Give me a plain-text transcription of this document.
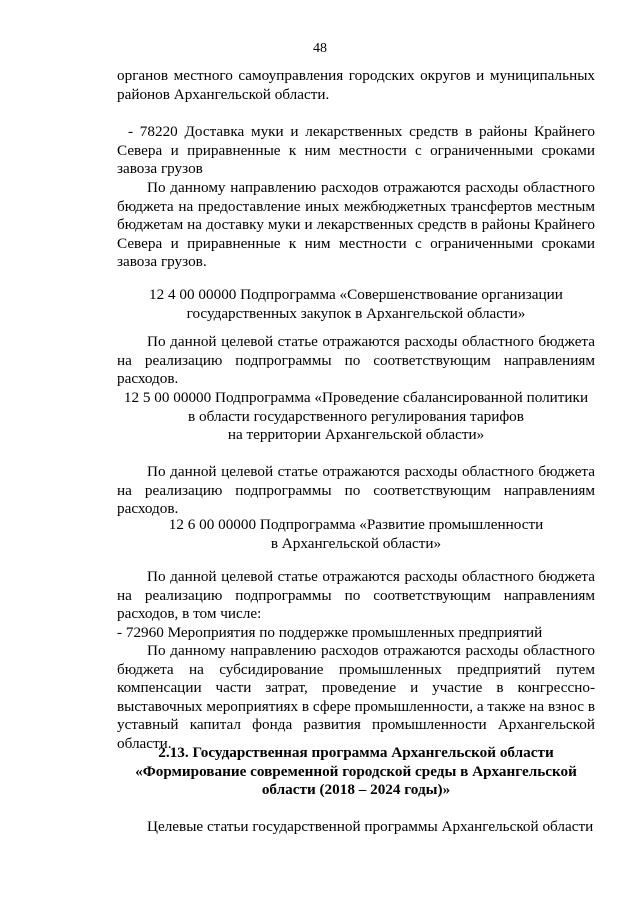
48

органов местного самоуправления городских округов и муниципальных районов Архангельской области.

- 78220 Доставка муки и лекарственных средств в районы Крайнего Севера и приравненные к ним местности с ограниченными сроками завоза грузов

По данному направлению расходов отражаются расходы областного бюджета на предоставление иных межбюджетных трансфертов местным бюджетам на доставку муки и лекарственных средств в районы Крайнего Севера и приравненные к ним местности с ограниченными сроками завоза грузов.

12 4 00 00000 Подпрограмма «Совершенствование организации
государственных закупок в Архангельской области»

По данной целевой статье отражаются расходы областного бюджета на реализацию подпрограммы по соответствующим направлениям расходов.

12 5 00 00000 Подпрограмма «Проведение сбалансированной политики
в области государственного регулирования тарифов
на территории Архангельской области»

По данной целевой статье отражаются расходы областного бюджета на реализацию подпрограммы по соответствующим направлениям расходов.

12 6 00 00000 Подпрограмма «Развитие промышленности
в Архангельской области»

По данной целевой статье отражаются расходы областного бюджета на реализацию подпрограммы по соответствующим направлениям расходов, в том числе:

- 72960 Мероприятия по поддержке промышленных предприятий

По данному направлению расходов отражаются расходы областного бюджета на субсидирование промышленных предприятий путем компенсации части затрат, проведение и участие в конгрессно-выставочных мероприятиях в сфере промышленности, а также на взнос в уставный капитал фонда развития промышленности Архангельской области.

2.13. Государственная программа Архангельской области
«Формирование современной городской среды в Архангельской
области (2018 – 2024 годы)»

Целевые статьи государственной программы Архангельской области
